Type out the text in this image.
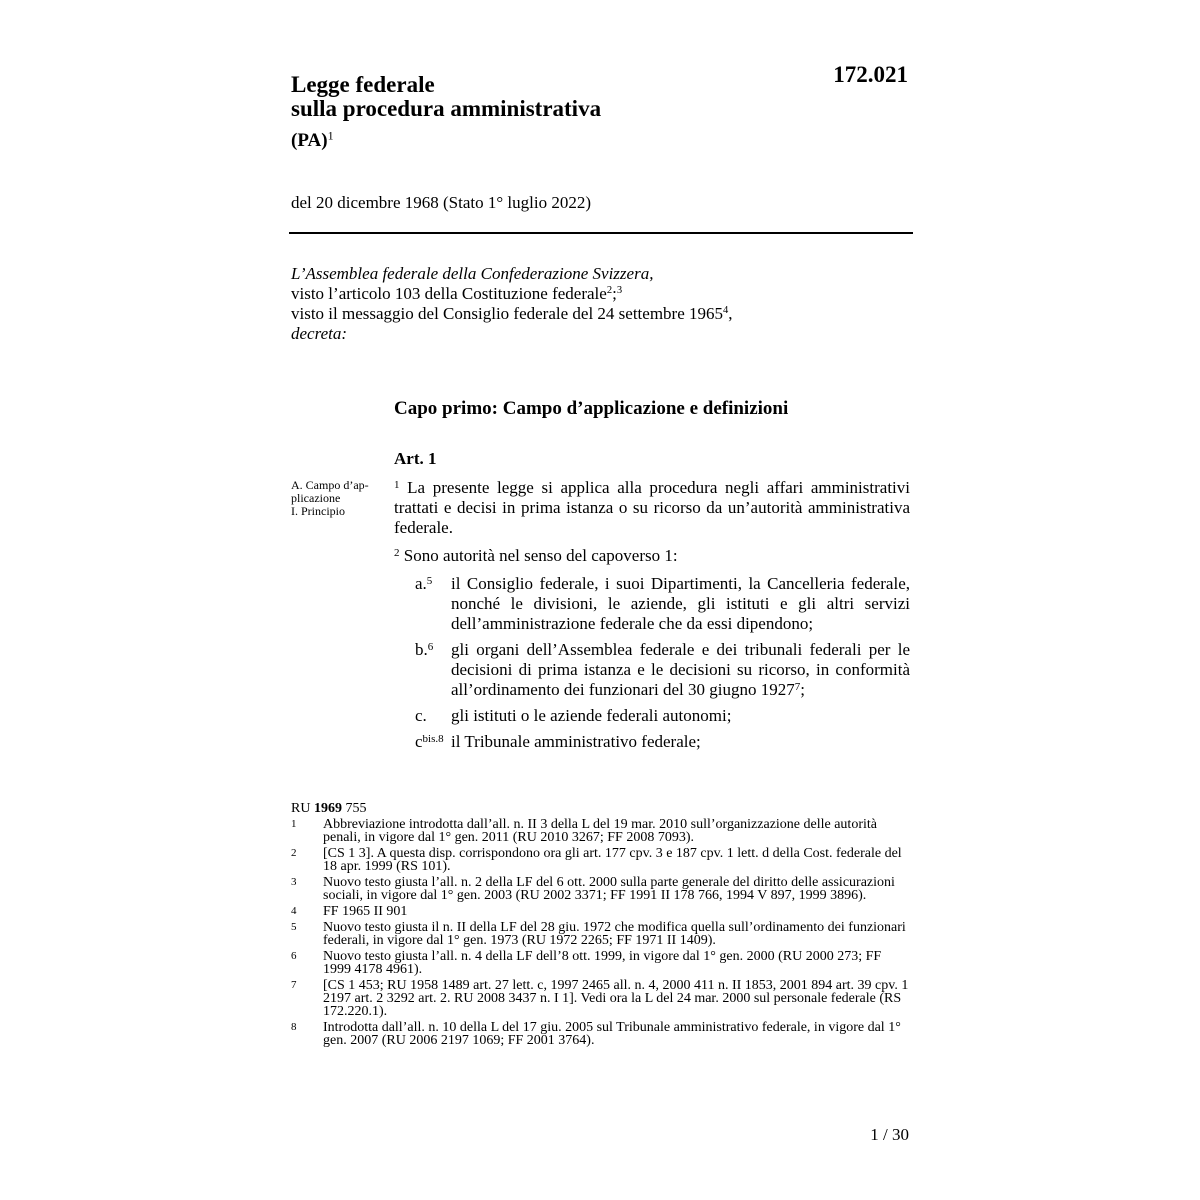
Legge federale
sulla procedura amministrativa
(PA)$^1$
172.021
del 20 dicembre 1968 (Stato 1° luglio 2022)
L’Assemblea federale della Confederazione Svizzera,
visto l’articolo 103 della Costituzione federale$^2$;$^3$
visto il messaggio del Consiglio federale del 24 settembre 1965$^4$,
decreta:
Capo primo: Campo d’applicazione e definizioni
Art. 1
A. Campo d’ap-
plicazione
I. Principio

$^1$ La presente legge si applica alla procedura negli affari amministrativi trattati e decisi in prima istanza o su ricorso da un’autorità amministrativa federale.

$^2$ Sono autorità nel senso del capoverso 1:

a.$^5$	il Consiglio federale, i suoi Dipartimenti, la Cancelleria federale, nonché le divisioni, le aziende, gli istituti e gli altri servizi dell’amministrazione federale che da essi dipendono;
b.$^6$	gli organi dell’Assemblea federale e dei tribunali federali per le decisioni di prima istanza e le decisioni su ricorso, in conformità all’ordinamento dei funzionari del 30 giugno 1927$^7$;
c.	gli istituti o le aziende federali autonomi;
$c^{bis.8}$ il Tribunale amministrativo federale;
RU 1969 755
1	Abbreviazione introdotta dall’all. n. II 3 della L del 19 mar. 2010 sull’organizzazione delle autorità penali, in vigore dal 1° gen. 2011 (RU 2010 3267; FF 2008 7093).
2	[CS 1 3]. A questa disp. corrispondono ora gli art. 177 cpv. 3 e 187 cpv. 1 lett. d della Cost. federale del 18 apr. 1999 (RS 101).
3	Nuovo testo giusta l’all. n. 2 della LF del 6 ott. 2000 sulla parte generale del diritto delle assicurazioni sociali, in vigore dal 1° gen. 2003 (RU 2002 3371; FF 1991 II 178 766, 1994 V 897, 1999 3896).
4	FF 1965 II 901
5	Nuovo testo giusta il n. II della LF del 28 giu. 1972 che modifica quella sull’ordinamento dei funzionari federali, in vigore dal 1° gen. 1973 (RU 1972 2265; FF 1971 II 1409).
6	Nuovo testo giusta l’all. n. 4 della LF dell’8 ott. 1999, in vigore dal 1° gen. 2000 (RU 2000 273; FF 1999 4178 4961).
7	[CS 1 453; RU 1958 1489 art. 27 lett. c, 1997 2465 all. n. 4, 2000 411 n. II 1853, 2001 894 art. 39 cpv. 1 2197 art. 2 3292 art. 2. RU 2008 3437 n. I 1]. Vedi ora la L del 24 mar. 2000 sul personale federale (RS 172.220.1).
8	Introdotta dall’all. n. 10 della L del 17 giu. 2005 sul Tribunale amministrativo federale, in vigore dal 1° gen. 2007 (RU 2006 2197 1069; FF 2001 3764).
1 / 30
